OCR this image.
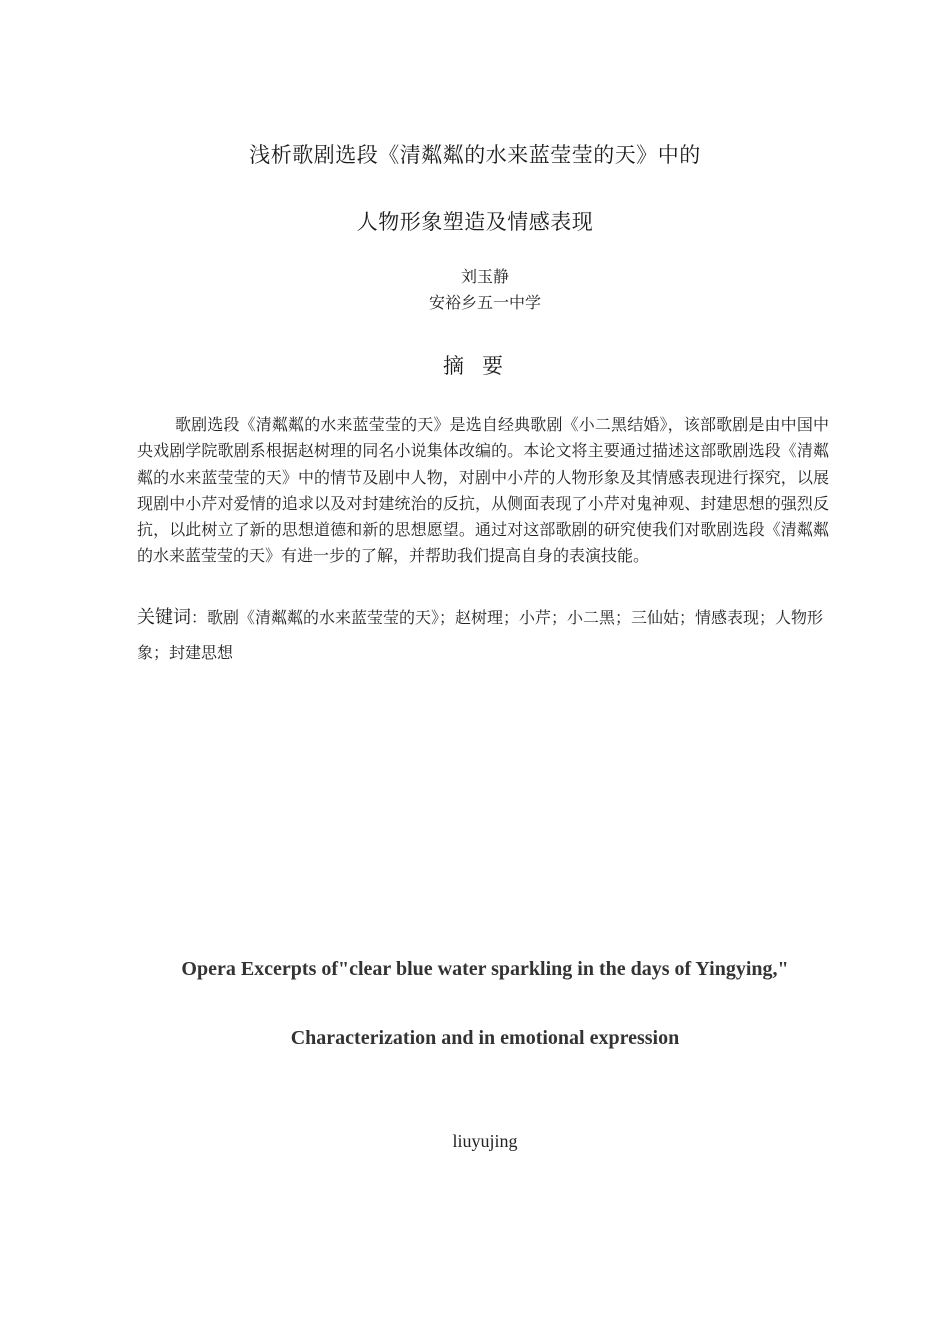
浅析歌剧选段《清粼粼的水来蓝莹莹的天》中的
人物形象塑造及情感表现
刘玉静
安裕乡五一中学
摘要

歌剧选段《清粼粼的水来蓝莹莹的天》是选自经典歌剧《小二黑结婚》，该部歌剧是由中国中央戏剧学院歌剧系根据赵树理的同名小说集体改编的。本论文将主要通过描述这部歌剧选段《清粼粼的水来蓝莹莹的天》中的情节及剧中人物，对剧中小芹的人物形象及其情感表现进行探究，以展现剧中小芹对爱情的追求以及对封建统治的反抗，从侧面表现了小芹对鬼神观、封建思想的强烈反抗，以此树立了新的思想道德和新的思想愿望。通过对这部歌剧的研究使我们对歌剧选段《清粼粼的水来蓝莹莹的天》有进一步的了解，并帮助我们提高自身的表演技能。

关键词：歌剧《清粼粼的水来蓝莹莹的天》；赵树理；小芹；小二黑；三仙姑；情感表现；人物形象；封建思想

Opera Excerpts of"clear blue water sparkling in the days of Yingying,"
Characterization and in emotional expression
liuyujing
